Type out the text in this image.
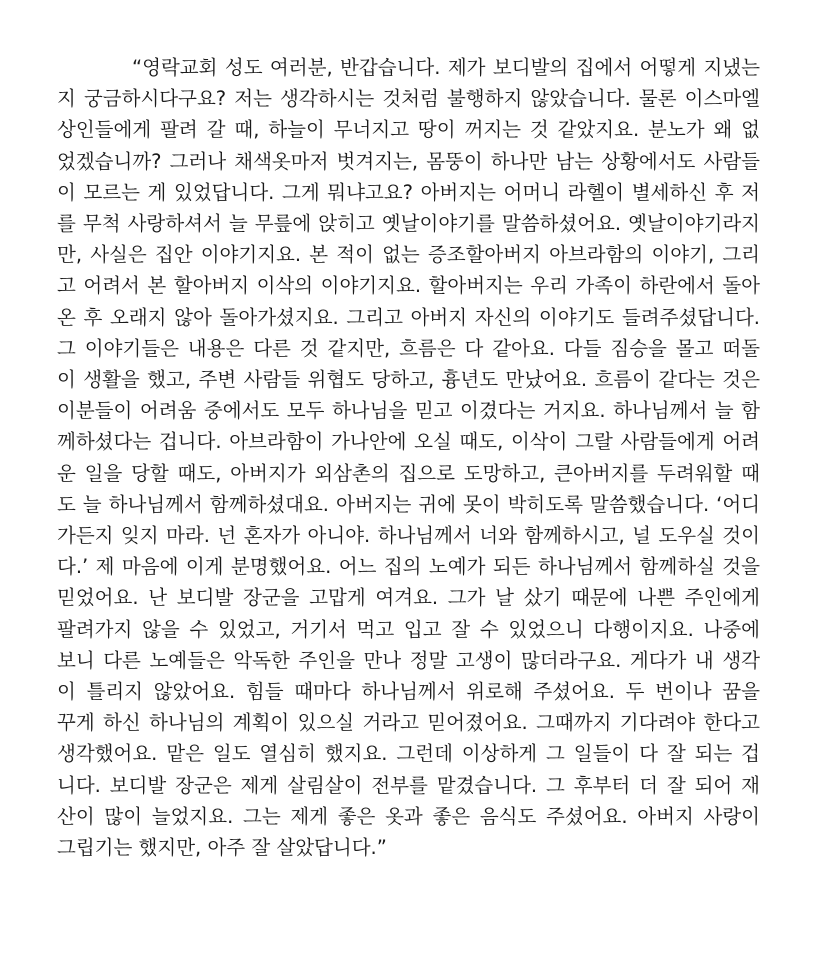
“영락교회 성도 여러분, 반갑습니다. 제가 보디발의 집에서 어떻게 지냈는
지 궁금하시다구요? 저는 생각하시는 것처럼 불행하지 않았습니다. 물론 이스마엘
상인들에게 팔려 갈 때, 하늘이 무너지고 땅이 꺼지는 것 같았지요. 분노가 왜 없
었겠습니까? 그러나 채색옷마저 벗겨지는, 몸뚱이 하나만 남는 상황에서도 사람들
이 모르는 게 있었답니다. 그게 뭐냐고요? 아버지는 어머니 라헬이 별세하신 후 저
를 무척 사랑하셔서 늘 무릎에 앉히고 옛날이야기를 말씀하셨어요. 옛날이야기라지
만, 사실은 집안 이야기지요. 본 적이 없는 증조할아버지 아브라함의 이야기, 그리
고 어려서 본 할아버지 이삭의 이야기지요. 할아버지는 우리 가족이 하란에서 돌아
온 후 오래지 않아 돌아가셨지요. 그리고 아버지 자신의 이야기도 들려주셨답니다.
그 이야기들은 내용은 다른 것 같지만, 흐름은 다 같아요. 다들 짐승을 몰고 떠돌
이 생활을 했고, 주변 사람들 위협도 당하고, 흉년도 만났어요. 흐름이 같다는 것은
이분들이 어려움 중에서도 모두 하나님을 믿고 이겼다는 거지요. 하나님께서 늘 함
께하셨다는 겁니다. 아브라함이 가나안에 오실 때도, 이삭이 그랄 사람들에게 어려
운 일을 당할 때도, 아버지가 외삼촌의 집으로 도망하고, 큰아버지를 두려워할 때
도 늘 하나님께서 함께하셨대요. 아버지는 귀에 못이 박히도록 말씀했습니다. ‘어디
가든지 잊지 마라. 넌 혼자가 아니야. 하나님께서 너와 함께하시고, 널 도우실 것이
다.’ 제 마음에 이게 분명했어요. 어느 집의 노예가 되든 하나님께서 함께하실 것을
믿었어요. 난 보디발 장군을 고맙게 여겨요. 그가 날 샀기 때문에 나쁜 주인에게
팔려가지 않을 수 있었고, 거기서 먹고 입고 잘 수 있었으니 다행이지요. 나중에
보니 다른 노예들은 악독한 주인을 만나 정말 고생이 많더라구요. 게다가 내 생각
이 틀리지 않았어요. 힘들 때마다 하나님께서 위로해 주셨어요. 두 번이나 꿈을
꾸게 하신 하나님의 계획이 있으실 거라고 믿어졌어요. 그때까지 기다려야 한다고
생각했어요. 맡은 일도 열심히 했지요. 그런데 이상하게 그 일들이 다 잘 되는 겁
니다. 보디발 장군은 제게 살림살이 전부를 맡겼습니다. 그 후부터 더 잘 되어 재
산이 많이 늘었지요. 그는 제게 좋은 옷과 좋은 음식도 주셨어요. 아버지 사랑이
그립기는 했지만, 아주 잘 살았답니다.”
